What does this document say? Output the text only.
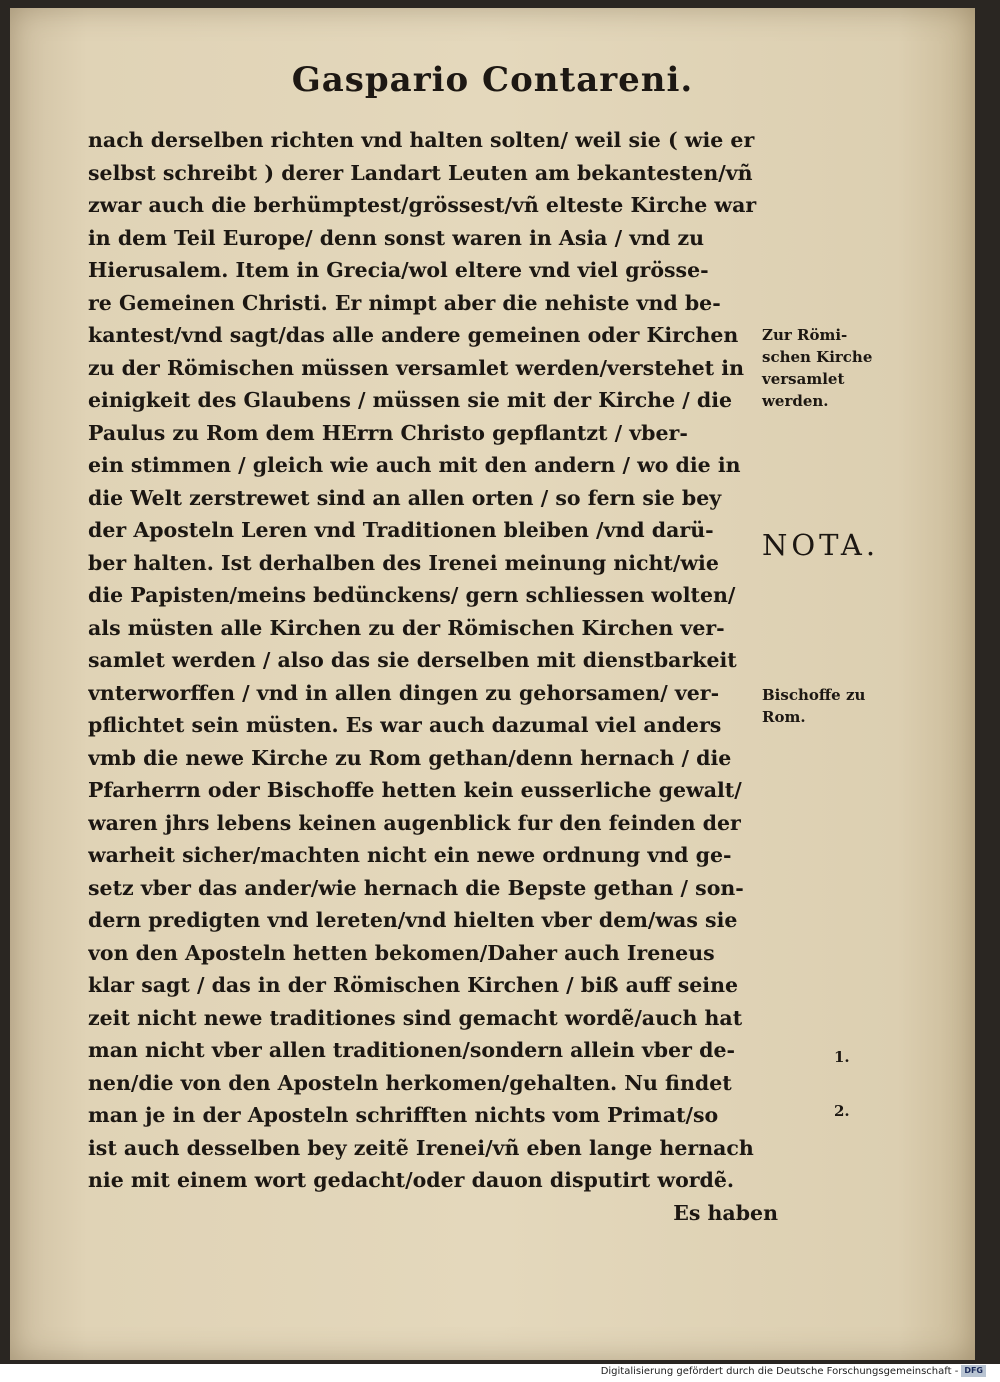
Gaspario Contareni.
nach derselben richten vnd halten solten/ weil sie ( wie er
selbst schreibt ) derer Landart Leuten am bekantesten/vñ
zwar auch die berhümptest/grössest/vñ elteste Kirche war
in dem Teil Europe/ denn sonst waren in Asia / vnd zu
Hierusalem. Item in Grecia/wol eltere vnd viel grösse-
re Gemeinen Christi. Er nimpt aber die nehiste vnd be-
kantest/vnd sagt/das alle andere gemeinen oder Kirchen
zu der Römischen müssen versamlet werden/verstehet in
einigkeit des Glaubens / müssen sie mit der Kirche / die
Paulus zu Rom dem HErrn Christo gepflantzt / vber-
ein stimmen / gleich wie auch mit den andern / wo die in
die Welt zerstrewet sind an allen orten / so fern sie bey
der Aposteln Leren vnd Traditionen bleiben /vnd darü-
ber halten. Ist derhalben des Irenei meinung nicht/wie
die Papisten/meins bedünckens/ gern schliessen wolten/
als müsten alle Kirchen zu der Römischen Kirchen ver-
samlet werden / also das sie derselben mit dienstbarkeit
vnterworffen / vnd in allen dingen zu gehorsamen/ ver-
pflichtet sein müsten. Es war auch dazumal viel anders
vmb die newe Kirche zu Rom gethan/denn hernach / die
Pfarherrn oder Bischoffe hetten kein eusserliche gewalt/
waren jhrs lebens keinen augenblick fur den feinden der
warheit sicher/machten nicht ein newe ordnung vnd ge-
setz vber das ander/wie hernach die Bepste gethan / son-
dern predigten vnd lereten/vnd hielten vber dem/was sie
von den Aposteln hetten bekomen/Daher auch Ireneus
klar sagt / das in der Römischen Kirchen / biß auff seine
zeit nicht newe traditiones sind gemacht wordẽ/auch hat
man nicht vber allen traditionen/sondern allein vber de-
nen/die von den Aposteln herkomen/gehalten. Nu findet
man je in der Aposteln schrifften nichts vom Primat/so
ist auch desselben bey zeitẽ Irenei/vñ eben lange hernach
nie mit einem wort gedacht/oder dauon disputirt wordẽ.
Es haben
Zur Römi-
schen Kirche
versamlet
werden.
NOTA.
Bischoffe zu
Rom.
1.
2.
Digitalisierung gefördert durch die Deutsche Forschungsgemeinschaft - DFG
